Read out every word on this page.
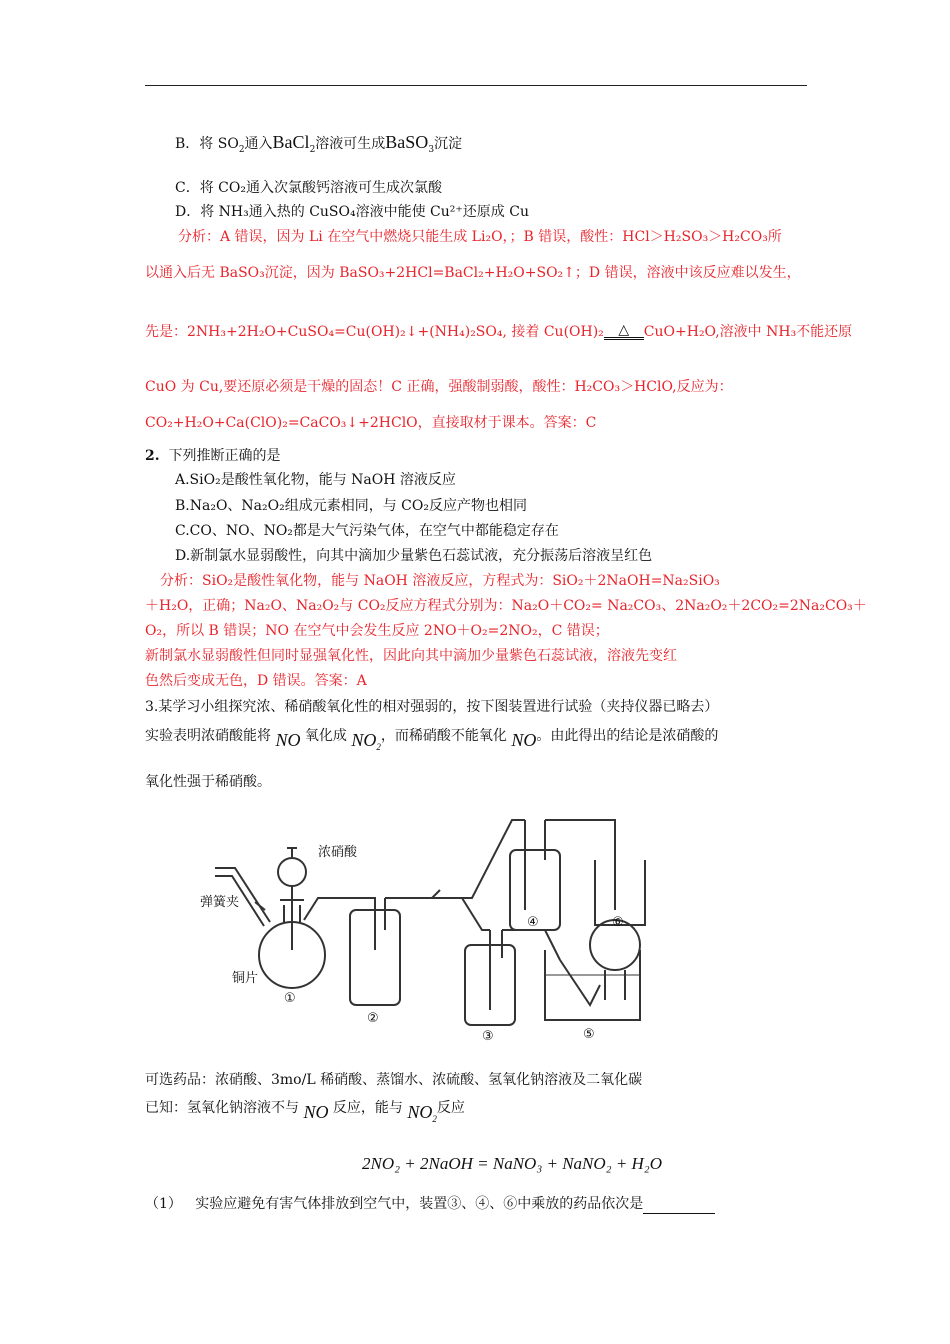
B．将 $SO_2$通入BaCl$_2$溶液可生成BaSO$_3$沉淀
C．将 CO₂通入次氯酸钙溶液可生成次氯酸
D．将 NH₃通入热的 CuSO₄溶液中能使 Cu²⁺还原成 Cu
分析：A 错误，因为 Li 在空气中燃烧只能生成 Li₂O，；B 错误，酸性：HCl＞H₂SO₃＞H₂CO₃所
以通入后无 BaSO₃沉淀，因为 BaSO₃+2HCl=BaCl₂+H₂O+SO₂↑；D 错误，溶液中该反应难以发生，
先是：2NH₃+2H₂O+CuSO₄=Cu(OH)₂↓+(NH₄)₂SO₄, 接着 Cu(OH)₂ △ CuO+H₂O,溶液中 NH₃不能还原
CuO 为 Cu,要还原必须是干燥的固态！C 正确，强酸制弱酸，酸性：H₂CO₃＞HClO,反应为：
CO₂+H₂O+Ca(ClO)₂=CaCO₃↓+2HClO，直接取材于课本。答案：C
2. 下列推断正确的是
A.SiO₂是酸性氧化物，能与 NaOH 溶液反应
B.Na₂O、Na₂O₂组成元素相同，与 CO₂反应产物也相同
C.CO、NO、NO₂都是大气污染气体，在空气中都能稳定存在
D.新制氯水显弱酸性，向其中滴加少量紫色石蕊试液，充分振荡后溶液呈红色
分析：SiO₂是酸性氧化物，能与 NaOH 溶液反应，方程式为：SiO₂＋2NaOH=Na₂SiO₃
＋H₂O，正确；Na₂O、Na₂O₂与 CO₂反应方程式分别为：Na₂O＋CO₂= Na₂CO₃、2Na₂O₂＋2CO₂=2Na₂CO₃＋
O₂，所以 B 错误；NO 在空气中会发生反应 2NO＋O₂=2NO₂，C 错误；
新制氯水显弱酸性但同时显强氧化性，因此向其中滴加少量紫色石蕊试液，溶液先变红
色然后变成无色，D 错误。答案：A
3.某学习小组探究浓、稀硝酸氧化性的相对强弱的，按下图装置进行试验（夹持仪器已略去）
实验表明浓硝酸能将 NO 氧化成 $NO_2$，而稀硝酸不能氧化 NO。由此得出的结论是浓硝酸的
氧化性强于稀硝酸。
浓硝酸
弹簧夹
铜片
①
②
③
④
⑤
⑥
可选药品：浓硝酸、3mo/L 稀硝酸、蒸馏水、浓硫酸、氢氧化钠溶液及二氧化碳
已知：氢氧化钠溶液不与 NO 反应，能与 $NO_2$反应
2NO₂ + 2NaOH = NaNO₃ + NaNO₂ + H₂O
（1） 实验应避免有害气体排放到空气中，装置③、④、⑥中乘放的药品依次是
